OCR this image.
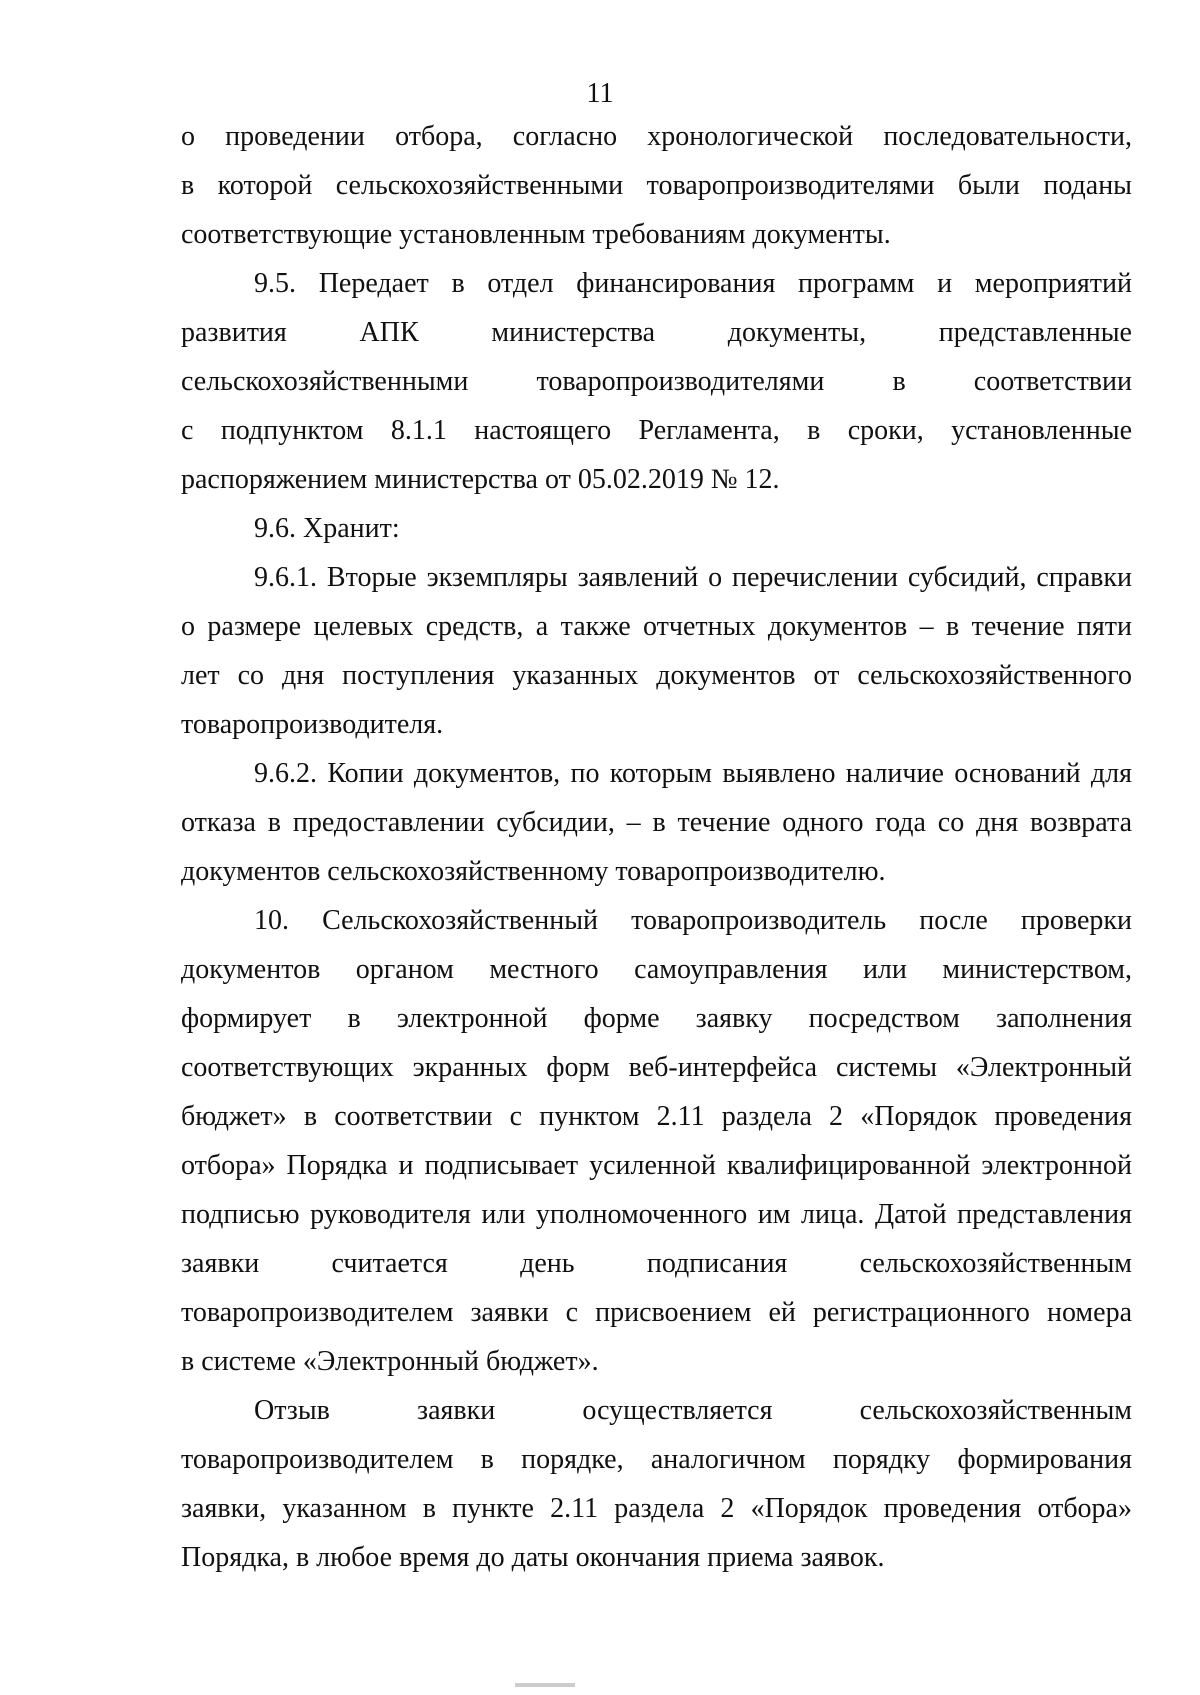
11
о проведении отбора, согласно хронологической последовательности,
в которой сельскохозяйственными товаропроизводителями были поданы
соответствующие установленным требованиям документы.
9.5. Передает в отдел финансирования программ и мероприятий
развития АПК министерства документы, представленные
сельскохозяйственными товаропроизводителями в соответствии
с подпунктом 8.1.1 настоящего Регламента, в сроки, установленные
распоряжением министерства от 05.02.2019 № 12.
9.6. Хранит:
9.6.1. Вторые экземпляры заявлений о перечислении субсидий, справки
о размере целевых средств, а также отчетных документов – в течение пяти
лет со дня поступления указанных документов от сельскохозяйственного
товаропроизводителя.
9.6.2. Копии документов, по которым выявлено наличие оснований для
отказа в предоставлении субсидии, – в течение одного года со дня возврата
документов сельскохозяйственному товаропроизводителю.
10. Сельскохозяйственный товаропроизводитель после проверки
документов органом местного самоуправления или министерством,
формирует в электронной форме заявку посредством заполнения
соответствующих экранных форм веб-интерфейса системы «Электронный
бюджет» в соответствии с пунктом 2.11 раздела 2 «Порядок проведения
отбора» Порядка и подписывает усиленной квалифицированной электронной
подписью руководителя или уполномоченного им лица. Датой представления
заявки считается день подписания сельскохозяйственным
товаропроизводителем заявки с присвоением ей регистрационного номера
в системе «Электронный бюджет».
Отзыв заявки осуществляется сельскохозяйственным
товаропроизводителем в порядке, аналогичном порядку формирования
заявки, указанном в пункте 2.11 раздела 2 «Порядок проведения отбора»
Порядка, в любое время до даты окончания приема заявок.
